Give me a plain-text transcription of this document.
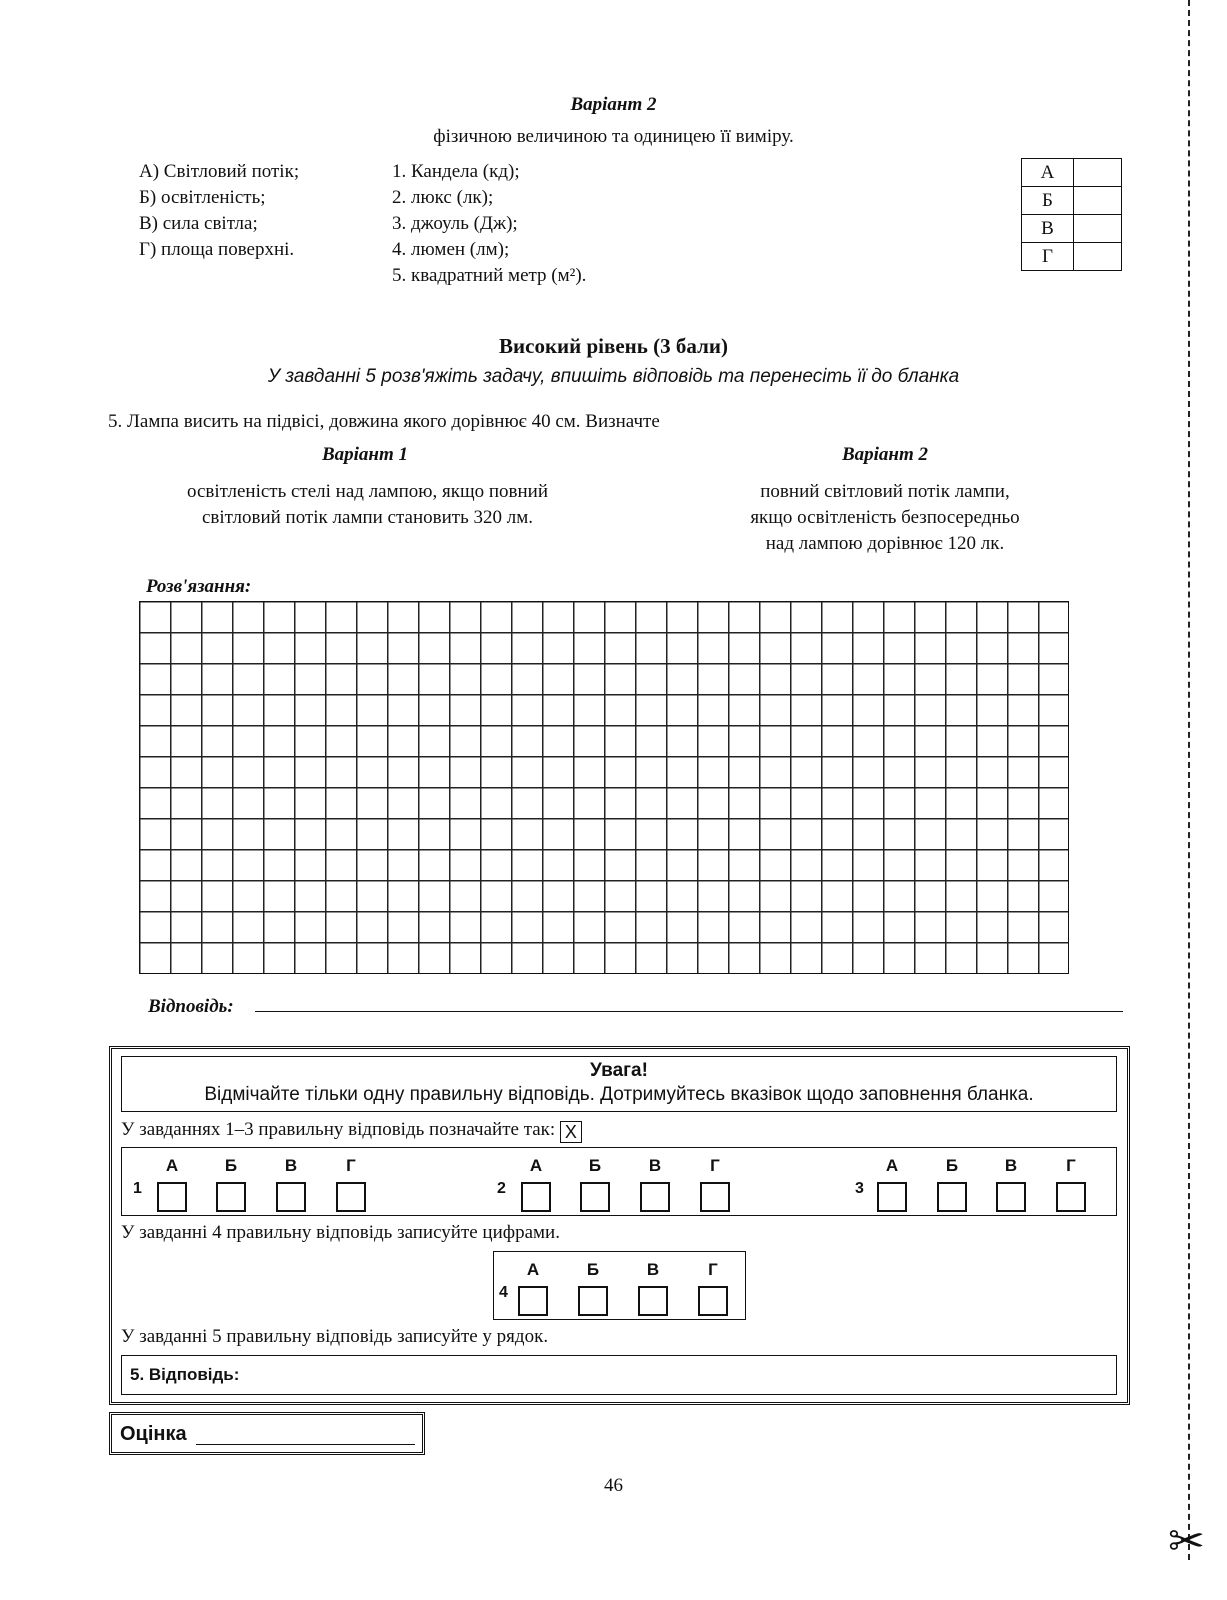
Варіант 2
фізичною величиною та одиницею її виміру.
А) Світловий потік;
Б) освітленість;
В) сила світла;
Г) площа поверхні.
1. Кандела (кд);
2. люкс (лк);
3. джоуль (Дж);
4. люмен (лм);
5. квадратний метр (м²).
А	
Б	
В	
Г	
Високий рівень (3 бали)
У завданні 5 розв'яжіть задачу, впишіть відповідь та перенесіть її до бланка
5. Лампа висить на підвісі, довжина якого дорівнює 40 см. Визначте
Варіант 1	Варіант 2
освітленість стелі над лампою, якщо повний
світловий потік лампи становить 320 лм.
повний світловий потік лампи,
якщо освітленість безпосередньо
над лампою дорівнює 120 лк.
Розв'язання:
Відповідь:
Увага!
Відмічайте тільки одну правильну відповідь. Дотримуйтесь вказівок щодо заповнення бланка.
У завданнях 1–3 правильну відповідь позначайте так: X
1
А	Б	В	Г
2
А	Б	В	Г
3
А	Б	В	Г
У завданні 4 правильну відповідь записуйте цифрами.
4
А	Б	В	Г
У завданні 5 правильну відповідь записуйте у рядок.
5. Відповідь:
Оцінка
46
✂
